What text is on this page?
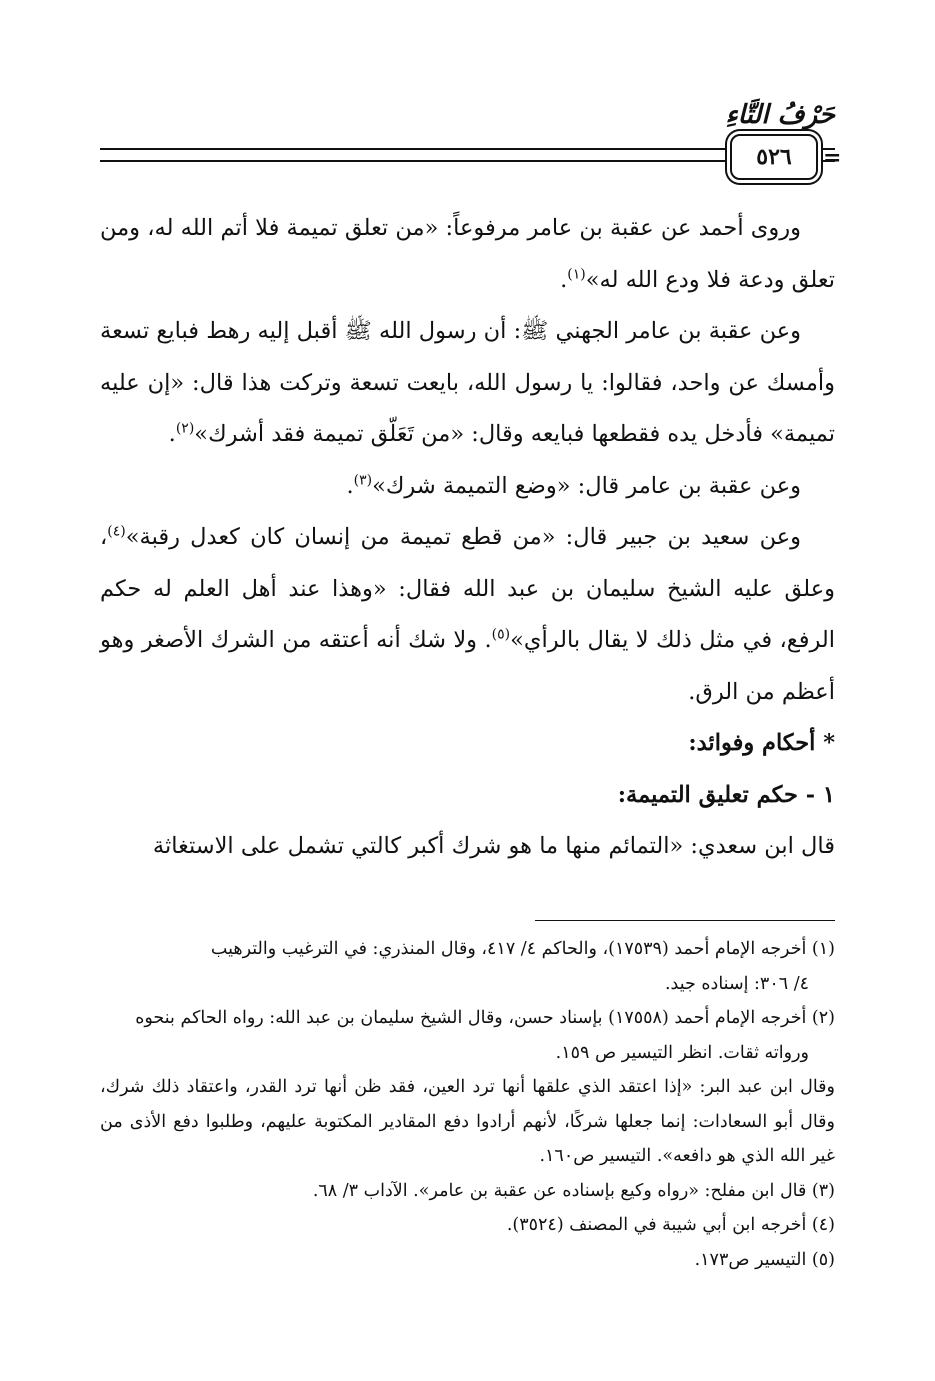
حَرْفُ التَّاءِ
٥٢٦	=

وروى أحمد عن عقبة بن عامر مرفوعاً: «من تعلق تميمة فلا أتم الله له، ومن تعلق ودعة فلا ودع الله له»$^{(١)}$.

وعن عقبة بن عامر الجهني ﷺ: أن رسول الله ﷺ أقبل إليه رهط فبايع تسعة وأمسك عن واحد، فقالوا: يا رسول الله، بايعت تسعة وتركت هذا قال: «إن عليه تميمة» فأدخل يده فقطعها فبايعه وقال: «من تَعَلّق تميمة فقد أشرك»$^{(٢)}$.

وعن عقبة بن عامر قال: «وضع التميمة شرك»$^{(٣)}$.

وعن سعيد بن جبير قال: «من قطع تميمة من إنسان كان كعدل رقبة»$^{(٤)}$، وعلق عليه الشيخ سليمان بن عبد الله فقال: «وهذا عند أهل العلم له حكم الرفع، في مثل ذلك لا يقال بالرأي»$^{(٥)}$. ولا شك أنه أعتقه من الشرك الأصغر وهو أعظم من الرق.

* أحكام وفوائد:

١ - حكم تعليق التميمة:

قال ابن سعدي: «التمائم منها ما هو شرك أكبر كالتي تشمل على الاستغاثة

(١) أخرجه الإمام أحمد (١٧٥٣٩)، والحاكم ٤/ ٤١٧، وقال المنذري: في الترغيب والترهيب

٤/ ٣٠٦: إسناده جيد.

(٢) أخرجه الإمام أحمد (١٧٥٥٨) بإسناد حسن، وقال الشيخ سليمان بن عبد الله: رواه الحاكم بنحوه

ورواته ثقات. انظر التيسير ص ١٥٩.

وقال ابن عبد البر: «إذا اعتقد الذي علقها أنها ترد العين، فقد ظن أنها ترد القدر، واعتقاد ذلك شرك، وقال أبو السعادات: إنما جعلها شركًا، لأنهم أرادوا دفع المقادير المكتوبة عليهم، وطلبوا دفع الأذى من غير الله الذي هو دافعه». التيسير ص١٦٠.

(٣) قال ابن مفلح: «رواه وكيع بإسناده عن عقبة بن عامر». الآداب ٣/ ٦٨.

(٤) أخرجه ابن أبي شيبة في المصنف (٣٥٢٤).

(٥) التيسير ص١٧٣.
